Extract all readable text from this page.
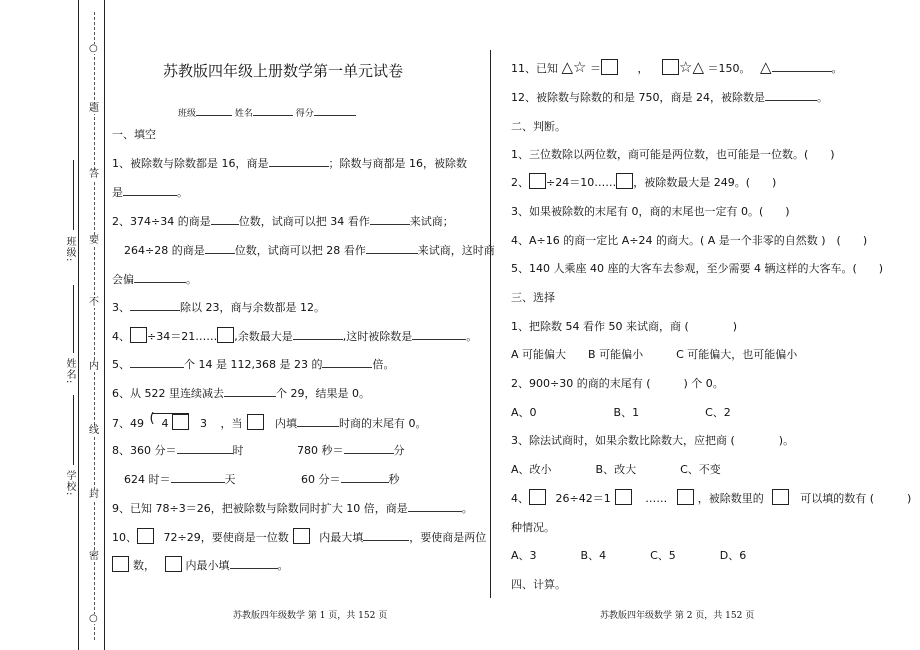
○
○
题
答
要
不
内
线
封
密
班级:
姓名:
学校:
苏教版四年级上册数学第一单元试卷
班级	姓名	得分
一、填空
1、被除数与除数都是 16，商是	；除数与商都是 16，被除数
是	。
2、374÷34 的商是	位数，试商可以把 34 看作	来试商；
264÷28 的商是	位数，试商可以把 28 看作	来试商，这时商
会偏	。
3、	除以 23，商与余数都是 12。
4、 ÷34＝21…… ,余数最大是	,这时被除数是	。
5、	个 14 是 112,368 是 23 的	倍。
6、从 522 里连续减去	个 29，结果是 0。
7、49 ( 4	3 ，当	内填	时商的末尾有 0。
8、360 分＝	时	780 秒＝	分
624 时＝	天	60 分＝	秒
9、已知 78÷3＝26，把被除数与除数同时扩大 10 倍，商是	。
10、 72÷29，要使商是一位数	内最大填	，要使商是两位
数，	内最小填	。
苏教版四年级数学 第 1 页，共 152 页
11、已知 △☆ ＝	， ☆△ ＝150。 △	。
12、被除数与除数的和是 750，商是 24，被除数是	。
二、判断。
1、三位数除以两位数，商可能是两位数，也可能是一位数。(　　)
2、 ÷24＝10…… ，被除数最大是 249。(　　)
3、如果被除数的末尾有 0，商的末尾也一定有 0。(　　)
4、A÷16 的商一定比 A÷24 的商大。( A 是一个非零的自然数 )　(　　)
5、140 人乘座 40 座的大客车去参观，至少需要 4 辆这样的大客车。(　　)
三、选择
1、把除数 54 看作 50 来试商，商 (　　　　)
A 可能偏大　　B 可能偏小　　　C 可能偏大，也可能偏小
2、900÷30 的商的末尾有 (　　　) 个 0。
A、0　　　　　　　B、1　　　　　　C、2
3、除法试商时，如果余数比除数大，应把商 (　　　　)。
A、改小　　　　B、改大　　　　C、不变
4、 26÷42＝1	……	，被除数里的	可以填的数有 (　　　)
种情况。
A、3　　　　B、4　　　　C、5　　　　D、6
四、计算。
苏教版四年级数学 第 2 页，共 152 页
